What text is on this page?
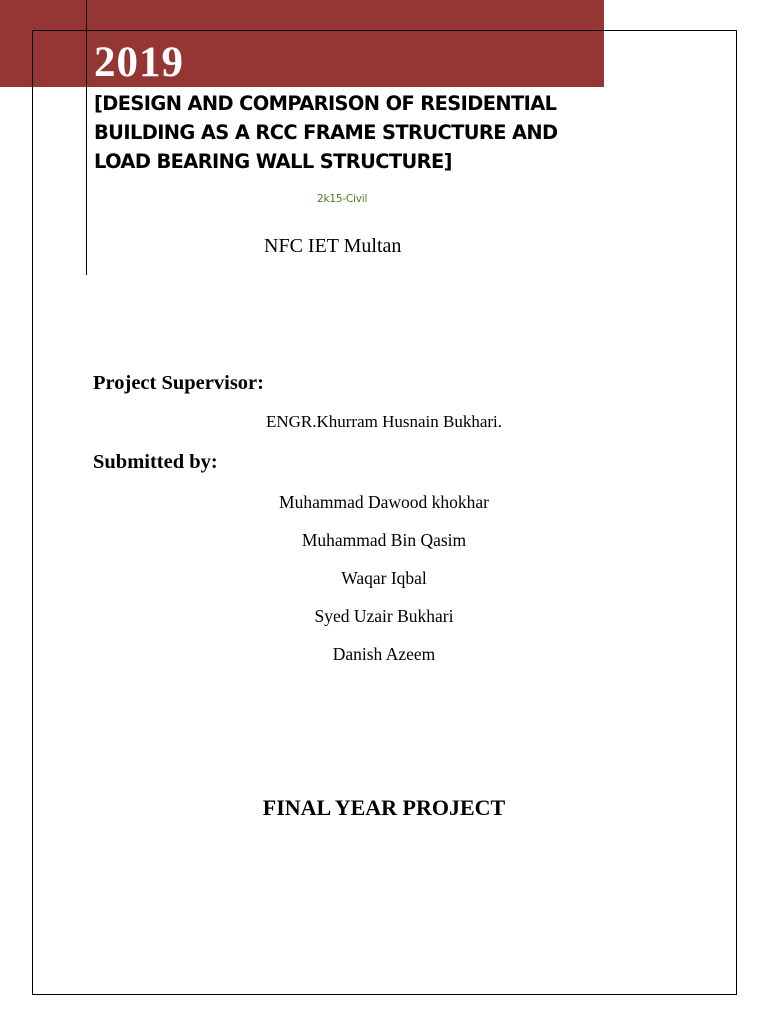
2019
[DESIGN AND COMPARISON OF RESIDENTIAL
BUILDING AS A RCC FRAME STRUCTURE AND
LOAD BEARING WALL STRUCTURE]
2k15-Civil
NFC IET Multan
Project Supervisor:
ENGR.Khurram Husnain Bukhari.
Submitted by:
Muhammad Dawood khokhar
Muhammad Bin Qasim
Waqar Iqbal
Syed Uzair Bukhari
Danish Azeem
FINAL YEAR PROJECT
